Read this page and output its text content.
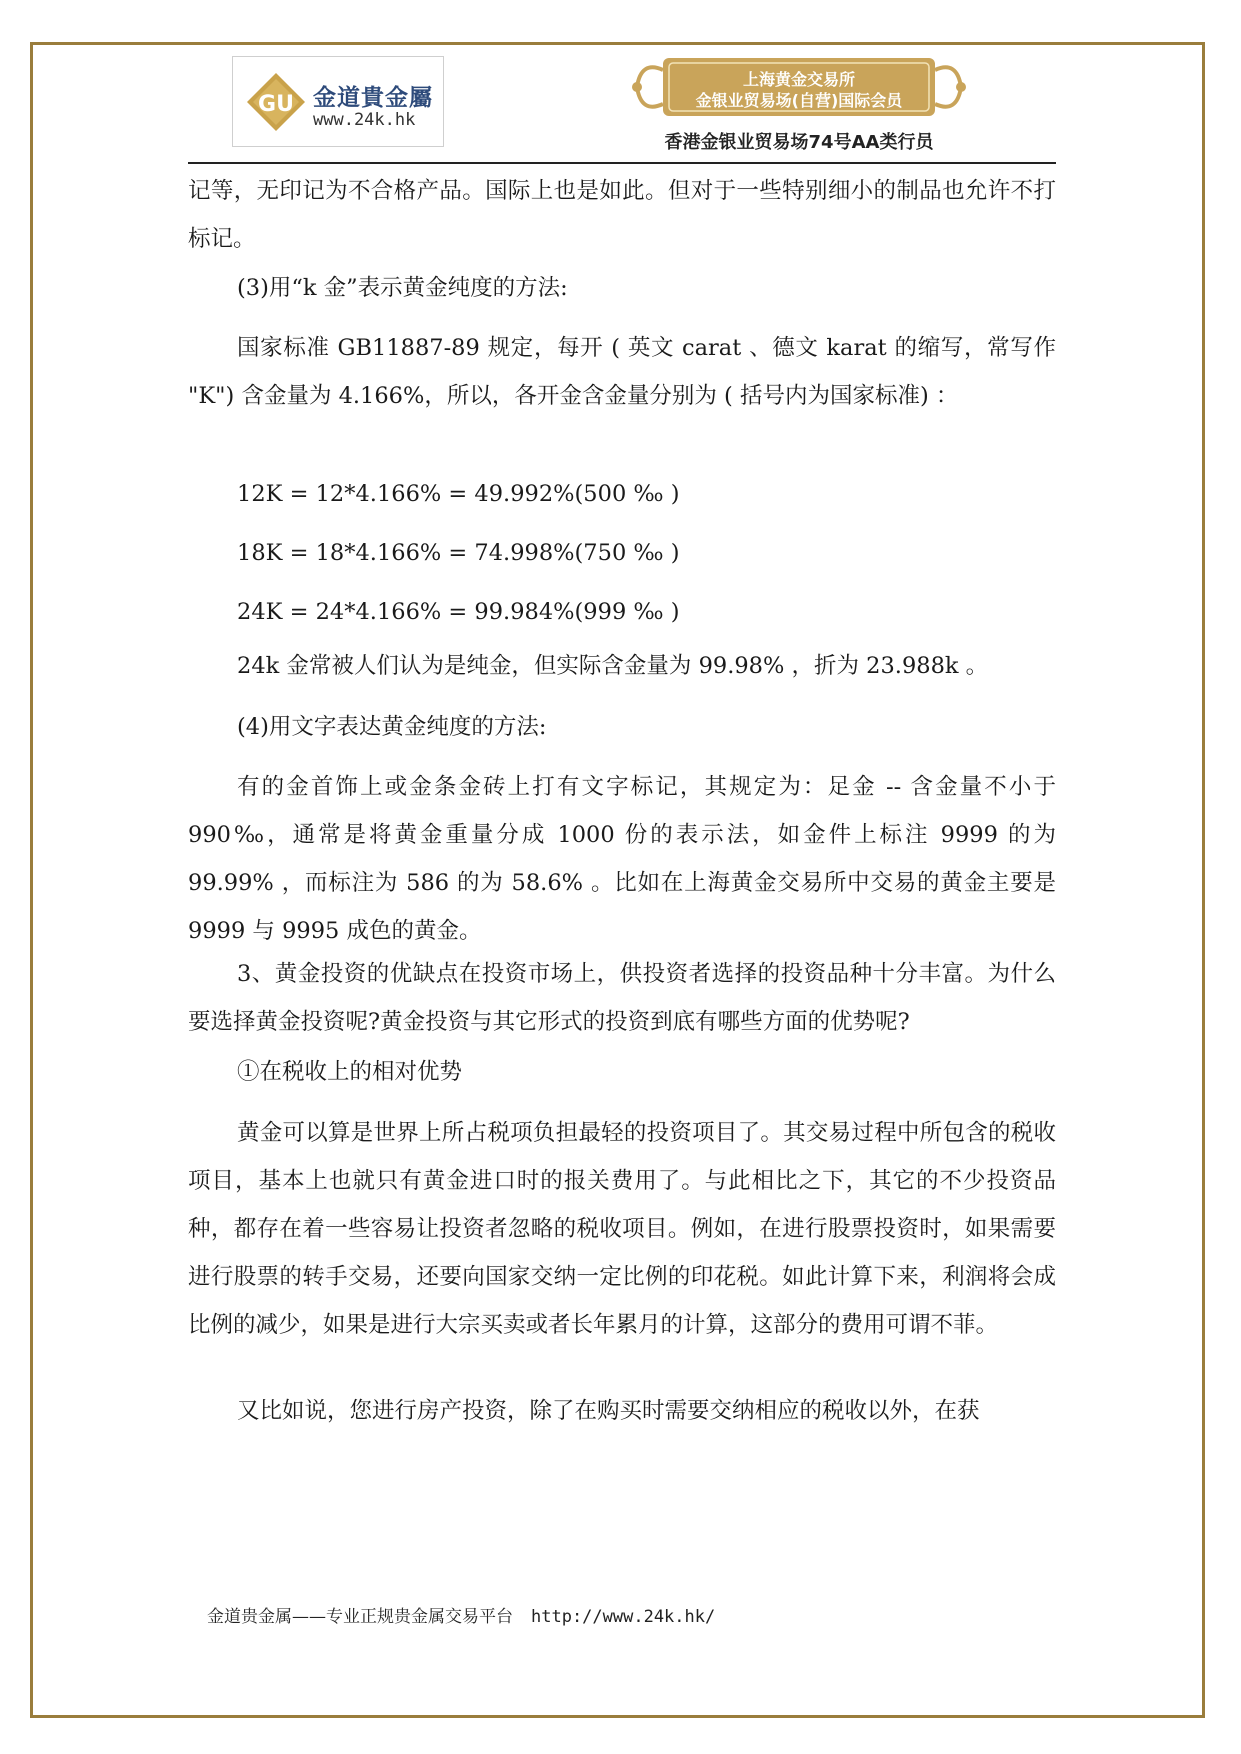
GU 金道貴金屬
www.24k.hk
上海黄金交易所
金银业贸易场(自营)国际会员
香港金银业贸易场74号AA类行员

记等，无印记为不合格产品。国际上也是如此。但对于一些特别细小的制品也允许不打标记。

(3)用“k 金”表示黄金纯度的方法:

国家标准 GB11887-89 规定，每开 ( 英文 carat 、德文 karat 的缩写，常写作 "K") 含金量为 4.166%，所以，各开金含金量分别为 ( 括号内为国家标准) ：

12K = 12*4.166% = 49.992%(500 ‰ )

18K = 18*4.166% = 74.998%(750 ‰ )

24K = 24*4.166% = 99.984%(999 ‰ )

24k 金常被人们认为是纯金，但实际含金量为 99.98% ，折为 23.988k 。

(4)用文字表达黄金纯度的方法:

有的金首饰上或金条金砖上打有文字标记，其规定为：足金 -- 含金量不小于 990‰，通常是将黄金重量分成 1000 份的表示法，如金件上标注 9999 的为 99.99% ，而标注为 586 的为 58.6% 。比如在上海黄金交易所中交易的黄金主要是 9999 与 9995 成色的黄金。

3、黄金投资的优缺点在投资市场上，供投资者选择的投资品种十分丰富。为什么要选择黄金投资呢?黄金投资与其它形式的投资到底有哪些方面的优势呢?

①在税收上的相对优势

黄金可以算是世界上所占税项负担最轻的投资项目了。其交易过程中所包含的税收项目，基本上也就只有黄金进口时的报关费用了。与此相比之下，其它的不少投资品种，都存在着一些容易让投资者忽略的税收项目。例如，在进行股票投资时，如果需要进行股票的转手交易，还要向国家交纳一定比例的印花税。如此计算下来，利润将会成比例的减少，如果是进行大宗买卖或者长年累月的计算，这部分的费用可谓不菲。

又比如说，您进行房产投资，除了在购买时需要交纳相应的税收以外，在获

金道贵金属——专业正规贵金属交易平台 http://www.24k.hk/
